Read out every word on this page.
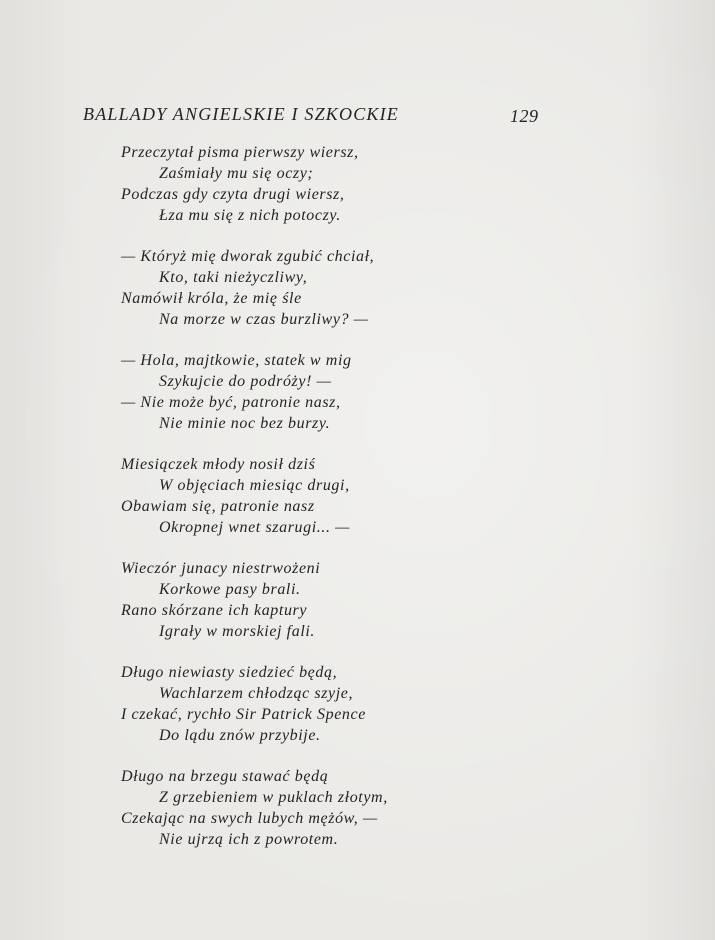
BALLADY ANGIELSKIE I SZKOCKIE	129
Przeczytał pisma pierwszy wiersz,
Zaśmiały mu się oczy;
Podczas gdy czyta drugi wiersz,
Łza mu się z nich potoczy.
— Któryż mię dworak zgubić chciał,
Kto, taki nieżyczliwy,
Namówił króla, że mię śle
Na morze w czas burzliwy? —
— Hola, majtkowie, statek w mig
Szykujcie do podróży! —
— Nie może być, patronie nasz,
Nie minie noc bez burzy.
Miesiączek młody nosił dziś
W objęciach miesiąc drugi,
Obawiam się, patronie nasz
Okropnej wnet szarugi... —
Wieczór junacy niestrwożeni
Korkowe pasy brali.
Rano skórzane ich kaptury
Igrały w morskiej fali.
Długo niewiasty siedzieć będą,
Wachlarzem chłodząc szyje,
I czekać, rychło Sir Patrick Spence
Do lądu znów przybije.
Długo na brzegu stawać będą
Z grzebieniem w puklach złotym,
Czekając na swych lubych mężów, —
Nie ujrzą ich z powrotem.
